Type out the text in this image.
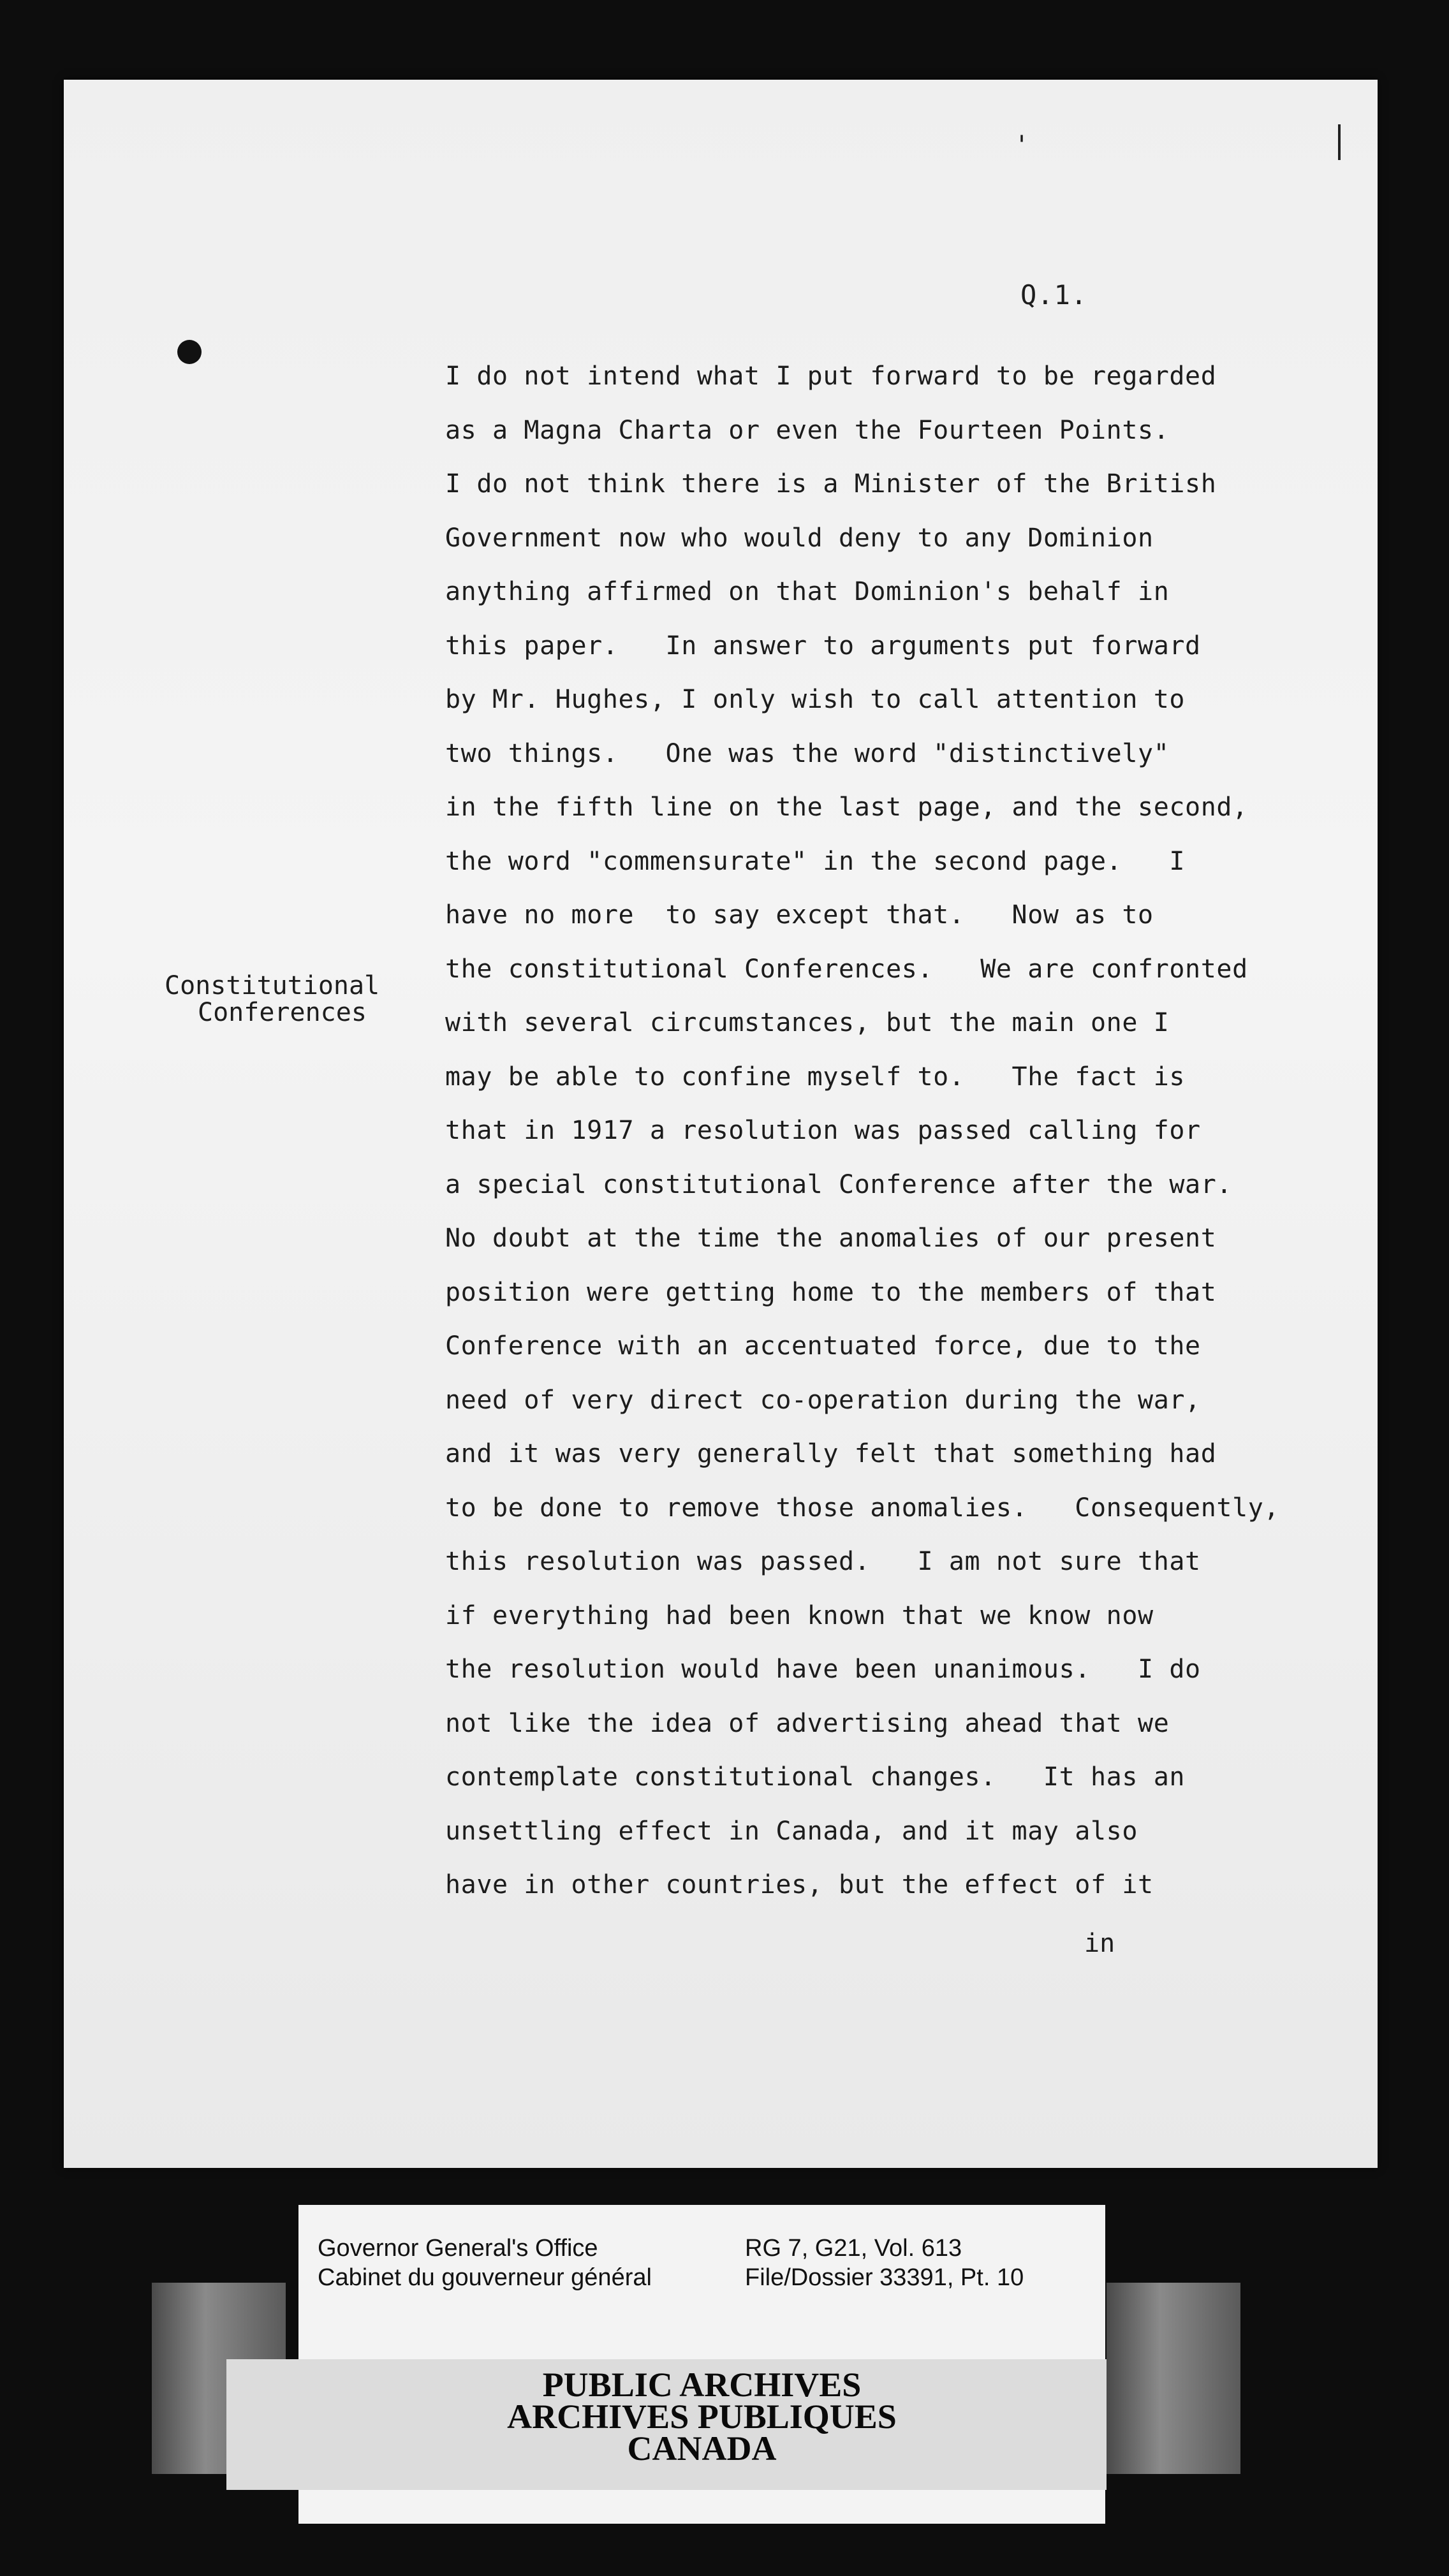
'
Q.1.
Constitutional
Conferences
I do not intend what I put forward to be regarded
as a Magna Charta or even the Fourteen Points.
I do not think there is a Minister of the British
Government now who would deny to any Dominion
anything affirmed on that Dominion's behalf in
this paper.   In answer to arguments put forward
by Mr. Hughes, I only wish to call attention to
two things.   One was the word "distinctively"
in the fifth line on the last page, and the second,
the word "commensurate" in the second page.   I
have no more  to say except that.   Now as to
the constitutional Conferences.   We are confronted
with several circumstances, but the main one I
may be able to confine myself to.   The fact is
that in 1917 a resolution was passed calling for
a special constitutional Conference after the war.
No doubt at the time the anomalies of our present
position were getting home to the members of that
Conference with an accentuated force, due to the
need of very direct co-operation during the war,
and it was very generally felt that something had
to be done to remove those anomalies.   Consequently,
this resolution was passed.   I am not sure that
if everything had been known that we know now
the resolution would have been unanimous.   I do
not like the idea of advertising ahead that we
contemplate constitutional changes.   It has an
unsettling effect in Canada, and it may also
have in other countries, but the effect of it
in
Governor General's Office
Cabinet du gouverneur général
RG 7, G21, Vol. 613
File/Dossier 33391, Pt. 10
PUBLIC ARCHIVES
ARCHIVES PUBLIQUES
CANADA
